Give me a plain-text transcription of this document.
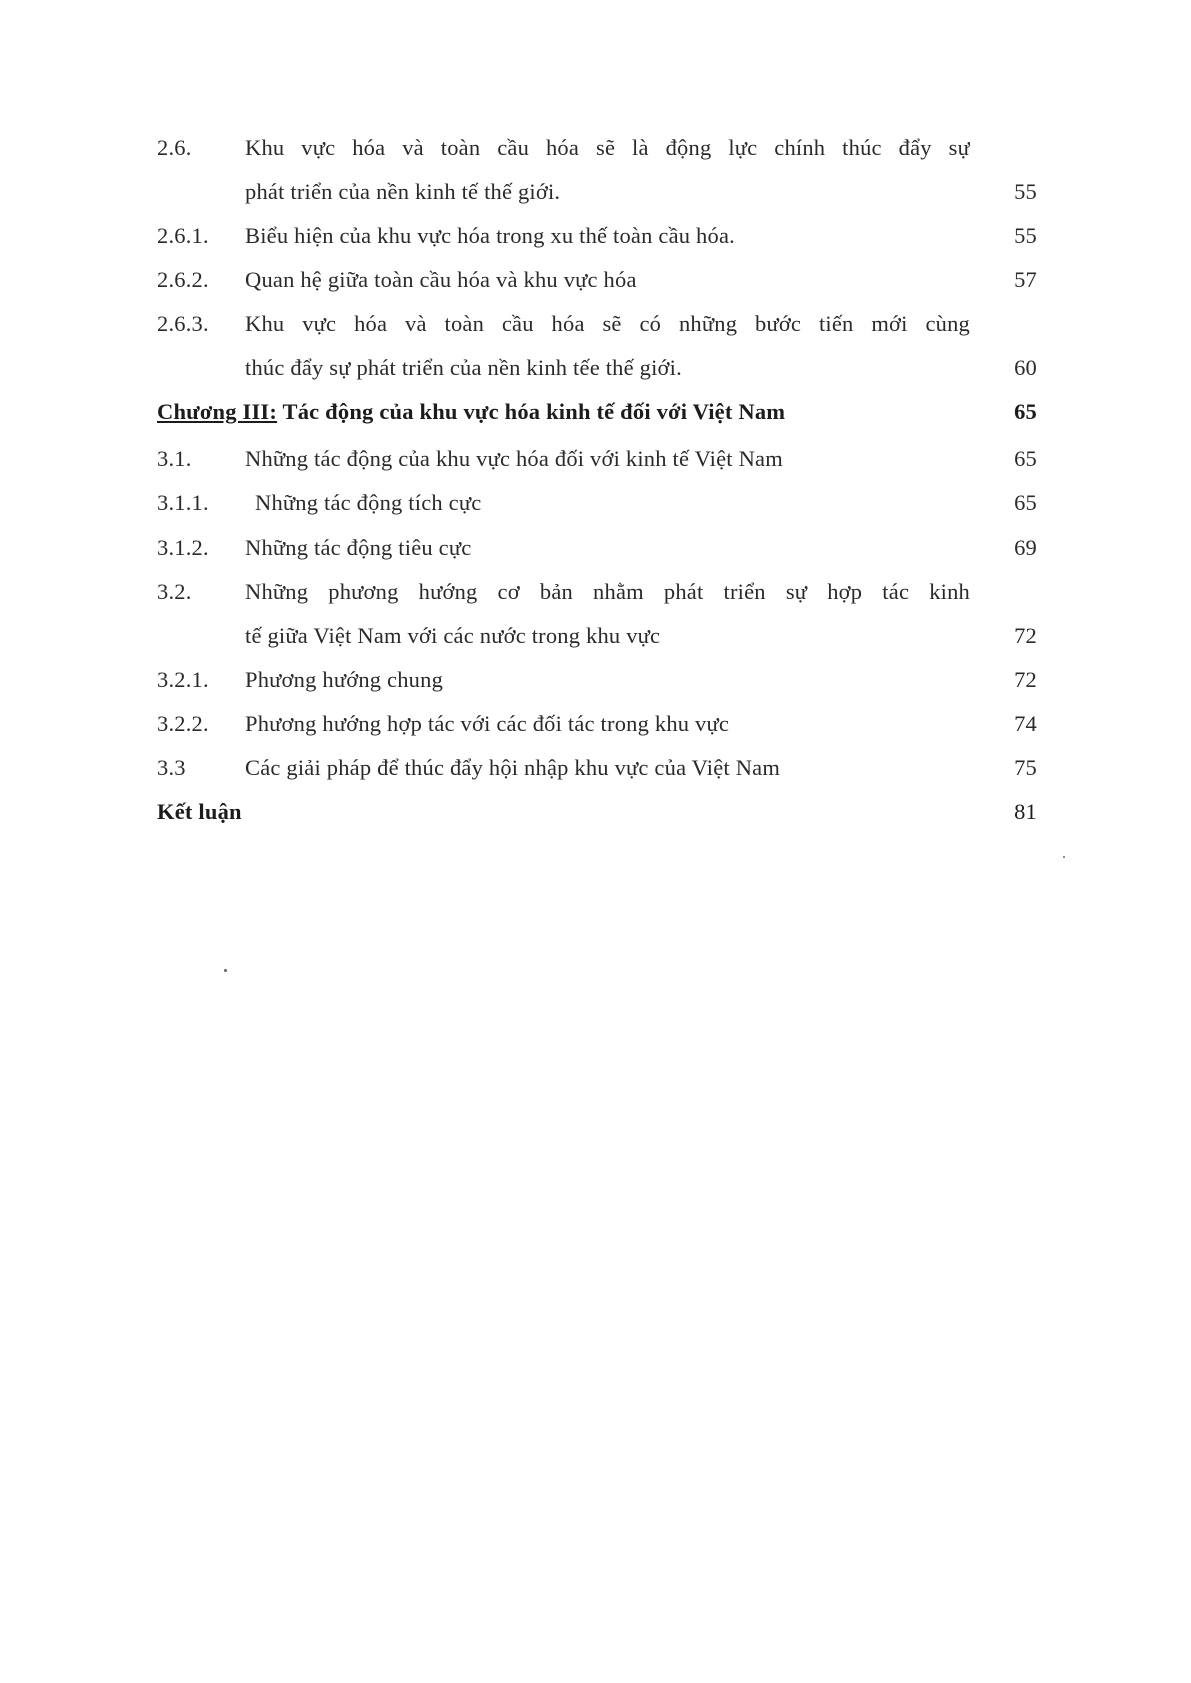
2.6. Khu vực hóa và toàn cầu hóa sẽ là động lực chính thúc đẩy sự
phát triển của nền kinh tế thế giới.	55
2.6.1. Biểu hiện của khu vực hóa trong xu thế toàn cầu hóa.	55
2.6.2. Quan hệ giữa toàn cầu hóa và khu vực hóa	57
2.6.3. Khu vực hóa và toàn cầu hóa sẽ có những bước tiến mới cùng
thúc đẩy sự phát triển của nền kinh tếe thế giới.	60
Chương III: Tác động của khu vực hóa kinh tế đối với Việt Nam	65
3.1. Những tác động của khu vực hóa đối với kinh tế Việt Nam	65
3.1.1. Những tác động tích cực	65
3.1.2. Những tác động tiêu cực	69
3.2. Những phương hướng cơ bản nhằm phát triển sự hợp tác kinh
tế giữa Việt Nam với các nước trong khu vực	72
3.2.1. Phương hướng chung	72
3.2.2. Phương hướng hợp tác với các đối tác trong khu vực	74
3.3	Các giải pháp để thúc đẩy hội nhập khu vực của Việt Nam	75
Kết luận	81
